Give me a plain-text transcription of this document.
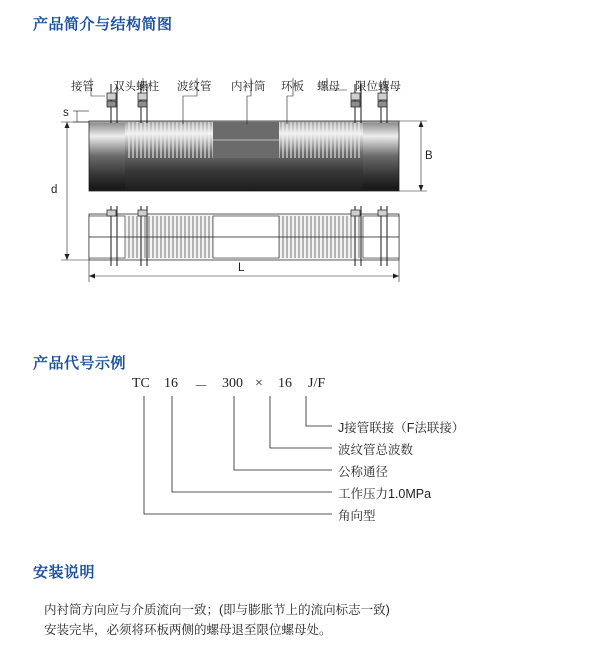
产品简介与结构简图
接管 双头螺柱 波纹管 内衬筒 环板 螺母 限位螺母
s
d
B
L
产品代号示例
TC 16 － 300 × 16 J/F
J接管联接（F法联接）
波纹管总波数
公称通径
工作压力1.0MPa
角向型
安装说明
内衬筒方向应与介质流向一致；(即与膨胀节上的流向标志一致)
安装完毕，必须将环板两侧的螺母退至限位螺母处。
